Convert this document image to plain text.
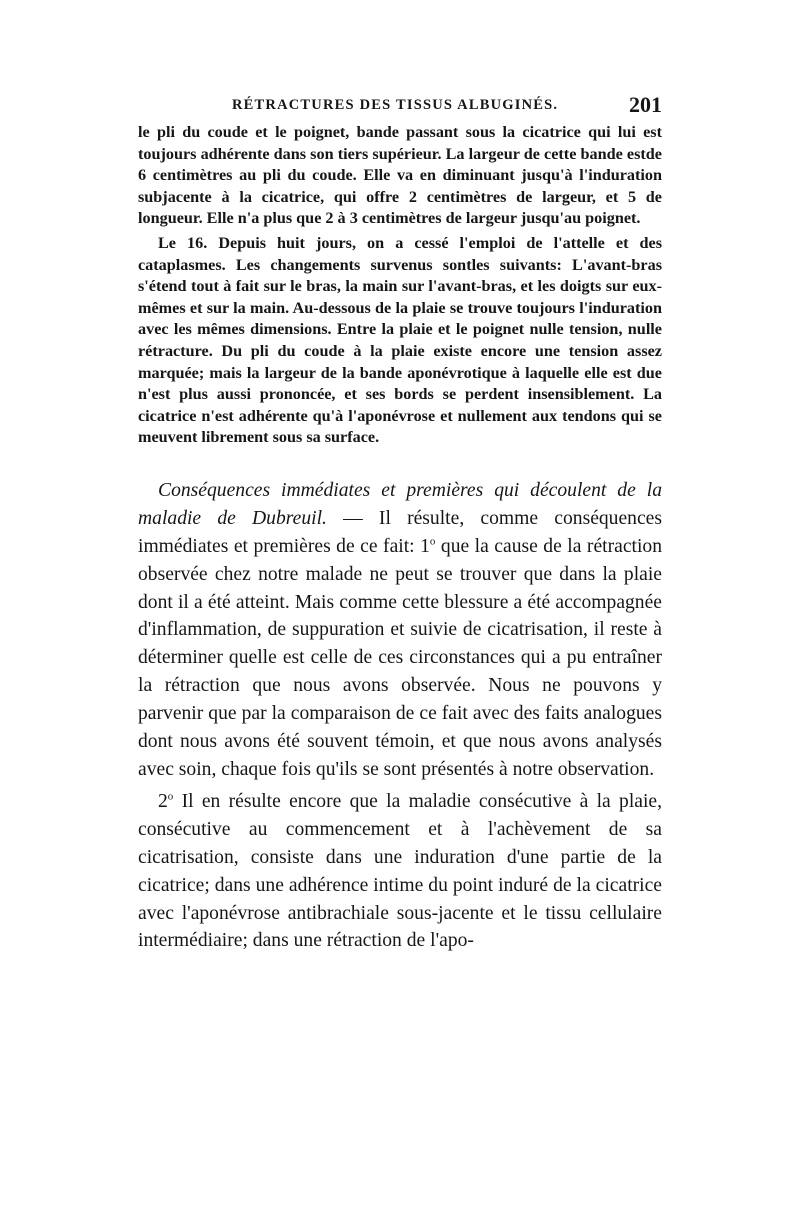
RÉTRACTURES DES TISSUS ALBUGINÉS.	201

le pli du coude et le poignet, bande passant sous la cicatrice qui lui est toujours adhérente dans son tiers supérieur. La largeur de cette bande estde 6 centimètres au pli du coude. Elle va en diminuant jusqu'à l'induration subjacente à la cicatrice, qui offre 2 centimètres de largeur, et 5 de longueur. Elle n'a plus que 2 à 3 centimètres de largeur jusqu'au poignet.

Le 16. Depuis huit jours, on a cessé l'emploi de l'attelle et des cataplasmes. Les changements survenus sontles suivants: L'avant-bras s'étend tout à fait sur le bras, la main sur l'avant-bras, et les doigts sur eux-mêmes et sur la main. Au-dessous de la plaie se trouve toujours l'induration avec les mêmes dimensions. Entre la plaie et le poignet nulle tension, nulle rétracture. Du pli du coude à la plaie existe encore une tension assez marquée; mais la largeur de la bande aponévrotique à laquelle elle est due n'est plus aussi prononcée, et ses bords se perdent insensiblement. La cicatrice n'est adhérente qu'à l'aponévrose et nullement aux tendons qui se meuvent librement sous sa surface.

Conséquences immédiates et premières qui découlent de la maladie de Dubreuil. — Il résulte, comme conséquences immédiates et premières de ce fait: 1$^o$ que la cause de la rétraction observée chez notre malade ne peut se trouver que dans la plaie dont il a été atteint. Mais comme cette blessure a été accompagnée d'inflammation, de suppuration et suivie de cicatrisation, il reste à déterminer quelle est celle de ces circonstances qui a pu entraîner la rétraction que nous avons observée. Nous ne pouvons y parvenir que par la comparaison de ce fait avec des faits analogues dont nous avons été souvent témoin, et que nous avons analysés avec soin, chaque fois qu'ils se sont présentés à notre observation.

2$^o$ Il en résulte encore que la maladie consécutive à la plaie, consécutive au commencement et à l'achèvement de sa cicatrisation, consiste dans une induration d'une partie de la cicatrice; dans une adhérence intime du point induré de la cicatrice avec l'aponévrose antibrachiale sous-jacente et le tissu cellulaire intermédiaire; dans une rétraction de l'apo-
